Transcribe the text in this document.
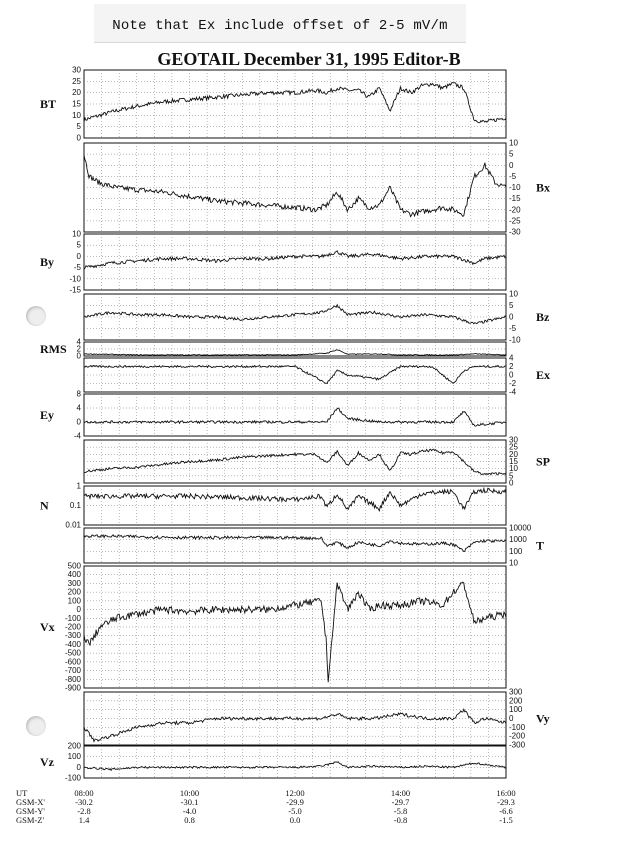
Note that Ex include offset of 2-5 mV/m
GEOTAIL December 31, 1995 Editor-B
30
25
20
15
10
5
0
BT
10
5
0
-5
-10
-15
-20
-25
-30
Bx
10
5
0
-5
-10
-15
By
10
5
0
-5
-10
Bz
4
2
0
RMS
4
2
0
-2
-4
Ex
8
4
0
-4
Ey
30
25
20
15
10
5
0
SP
1
0.1
0.01
N
10000
1000
100
10
T
500
400
300
200
100
0
-100
-200
-300
-400
-500
-600
-700
-800
-900
Vx
300
200
100
0
-100
-200
-300
Vy
200
100
0
-100
Vz
UT	08:00	10:00	12:00	14:00	16:00
GSM-X'	-30.2	-30.1	-29.9	-29.7	-29.3
GSM-Y'	-2.8	-4.0	-5.0	-5.8	-6.6
GSM-Z'	1.4	0.8	0.0	-0.8	-1.5
